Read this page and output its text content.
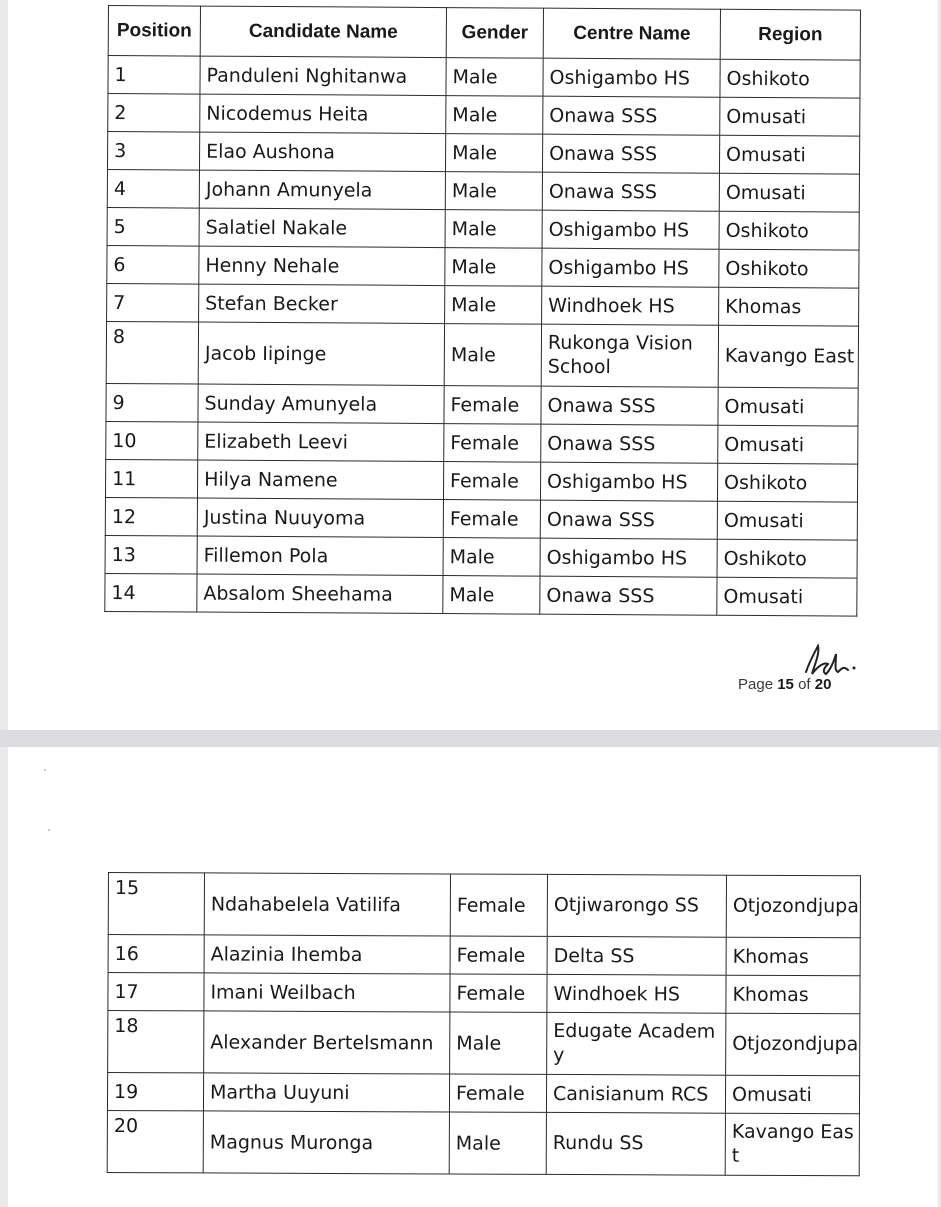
Position	Candidate Name	Gender	Centre Name	Region
1	Panduleni Nghitanwa	Male	Oshigambo HS	Oshikoto
2	Nicodemus Heita	Male	Onawa SSS	Omusati
3	Elao Aushona	Male	Onawa SSS	Omusati
4	Johann Amunyela	Male	Onawa SSS	Omusati
5	Salatiel Nakale	Male	Oshigambo HS	Oshikoto
6	Henny Nehale	Male	Oshigambo HS	Oshikoto
7	Stefan Becker	Male	Windhoek HS	Khomas
8	Jacob Iipinge	Male	Rukonga Vision School	Kavango East
9	Sunday Amunyela	Female	Onawa SSS	Omusati
10	Elizabeth Leevi	Female	Onawa SSS	Omusati
11	Hilya Namene	Female	Oshigambo HS	Oshikoto
12	Justina Nuuyoma	Female	Onawa SSS	Omusati
13	Fillemon Pola	Male	Oshigambo HS	Oshikoto
14	Absalom Sheehama	Male	Onawa SSS	Omusati
Page 15 of 20
15	Ndahabelela Vatilifa	Female	Otjiwarongo SS	Otjozondjupa
16	Alazinia Ihemba	Female	Delta SS	Khomas
17	Imani Weilbach	Female	Windhoek HS	Khomas
18	Alexander Bertelsmann	Male	Edugate Academy	Otjozondjupa
19	Martha Uuyuni	Female	Canisianum RCS	Omusati
20	Magnus Muronga	Male	Rundu SS	Kavango East
